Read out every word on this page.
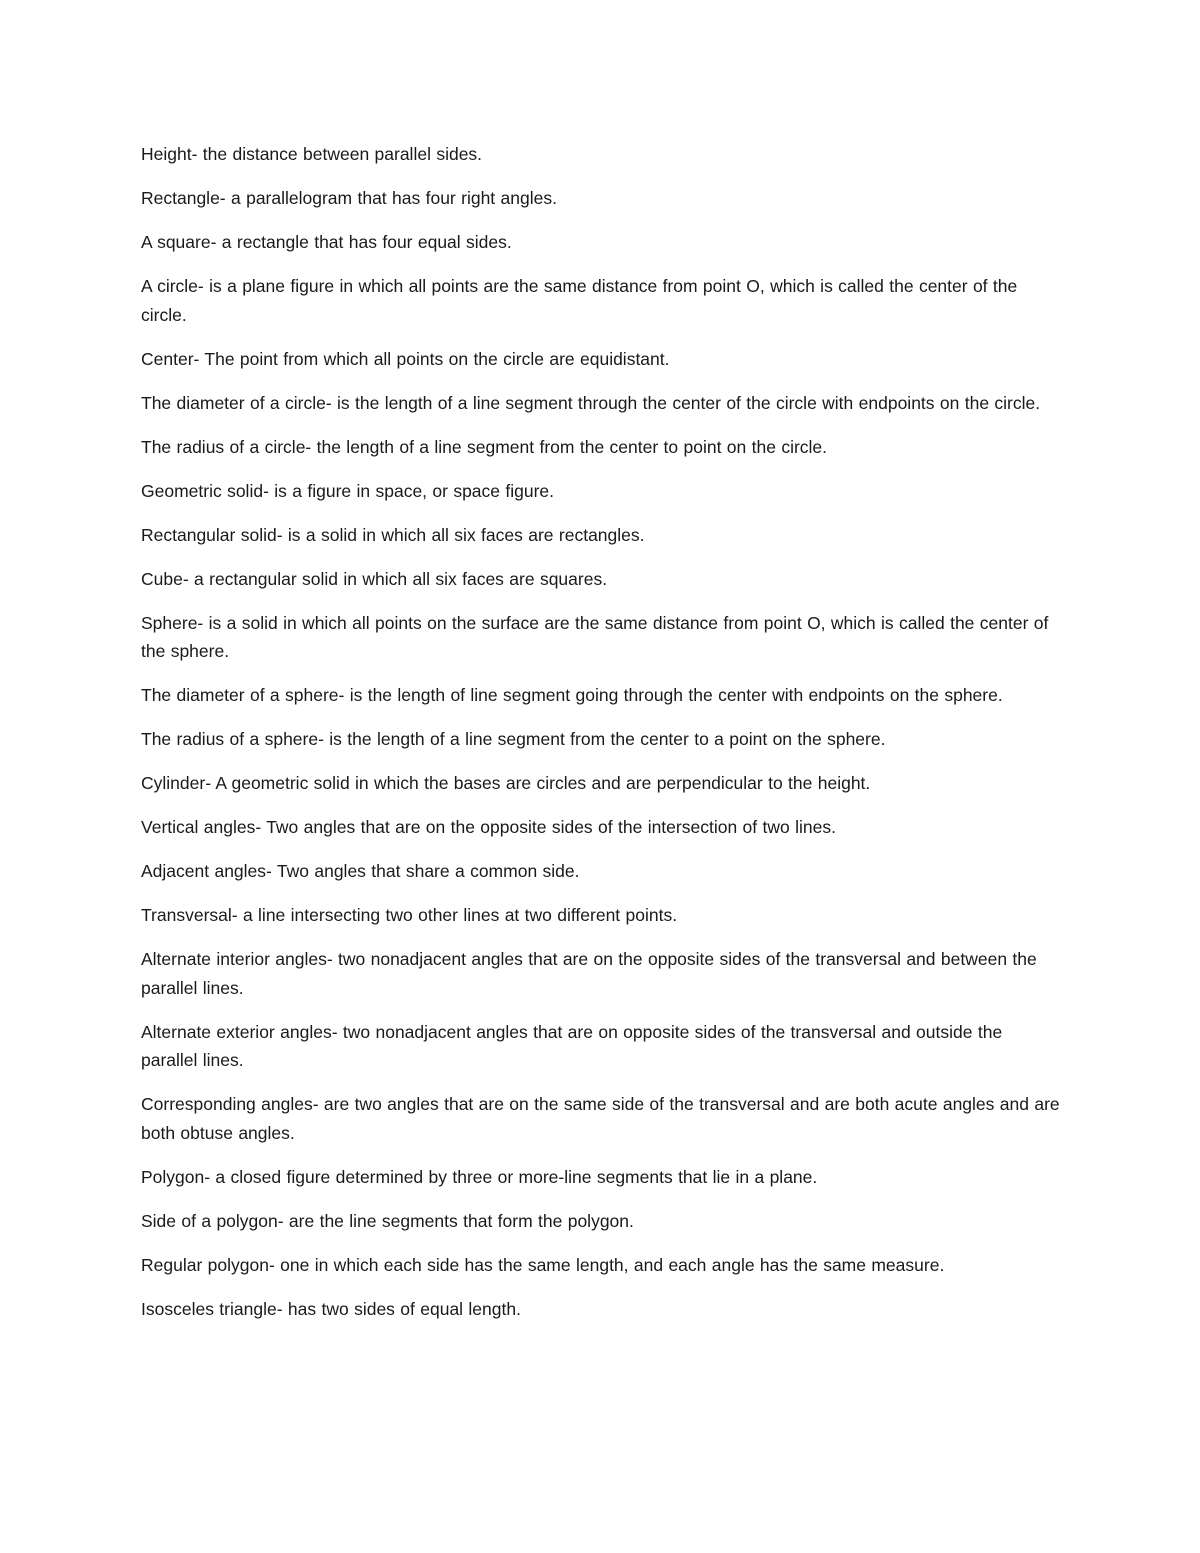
Height- the distance between parallel sides.

Rectangle- a parallelogram that has four right angles.

A square- a rectangle that has four equal sides.

A circle- is a plane figure in which all points are the same distance from point O, which is called the center of the circle.

Center- The point from which all points on the circle are equidistant.

The diameter of a circle- is the length of a line segment through the center of the circle with endpoints on the circle.

The radius of a circle- the length of a line segment from the center to point on the circle.

Geometric solid- is a figure in space, or space figure.

Rectangular solid- is a solid in which all six faces are rectangles.

Cube- a rectangular solid in which all six faces are squares.

Sphere- is a solid in which all points on the surface are the same distance from point O, which is called the center of the sphere.

The diameter of a sphere- is the length of line segment going through the center with endpoints on the sphere.

The radius of a sphere- is the length of a line segment from the center to a point on the sphere.

Cylinder- A geometric solid in which the bases are circles and are perpendicular to the height.

Vertical angles- Two angles that are on the opposite sides of the intersection of two lines.

Adjacent angles- Two angles that share a common side.

Transversal- a line intersecting two other lines at two different points.

Alternate interior angles- two nonadjacent angles that are on the opposite sides of the transversal and between the parallel lines.

Alternate exterior angles- two nonadjacent angles that are on opposite sides of the transversal and outside the parallel lines.

Corresponding angles- are two angles that are on the same side of the transversal and are both acute angles and are both obtuse angles.

Polygon- a closed figure determined by three or more-line segments that lie in a plane.

Side of a polygon- are the line segments that form the polygon.

Regular polygon- one in which each side has the same length, and each angle has the same measure.

Isosceles triangle- has two sides of equal length.
